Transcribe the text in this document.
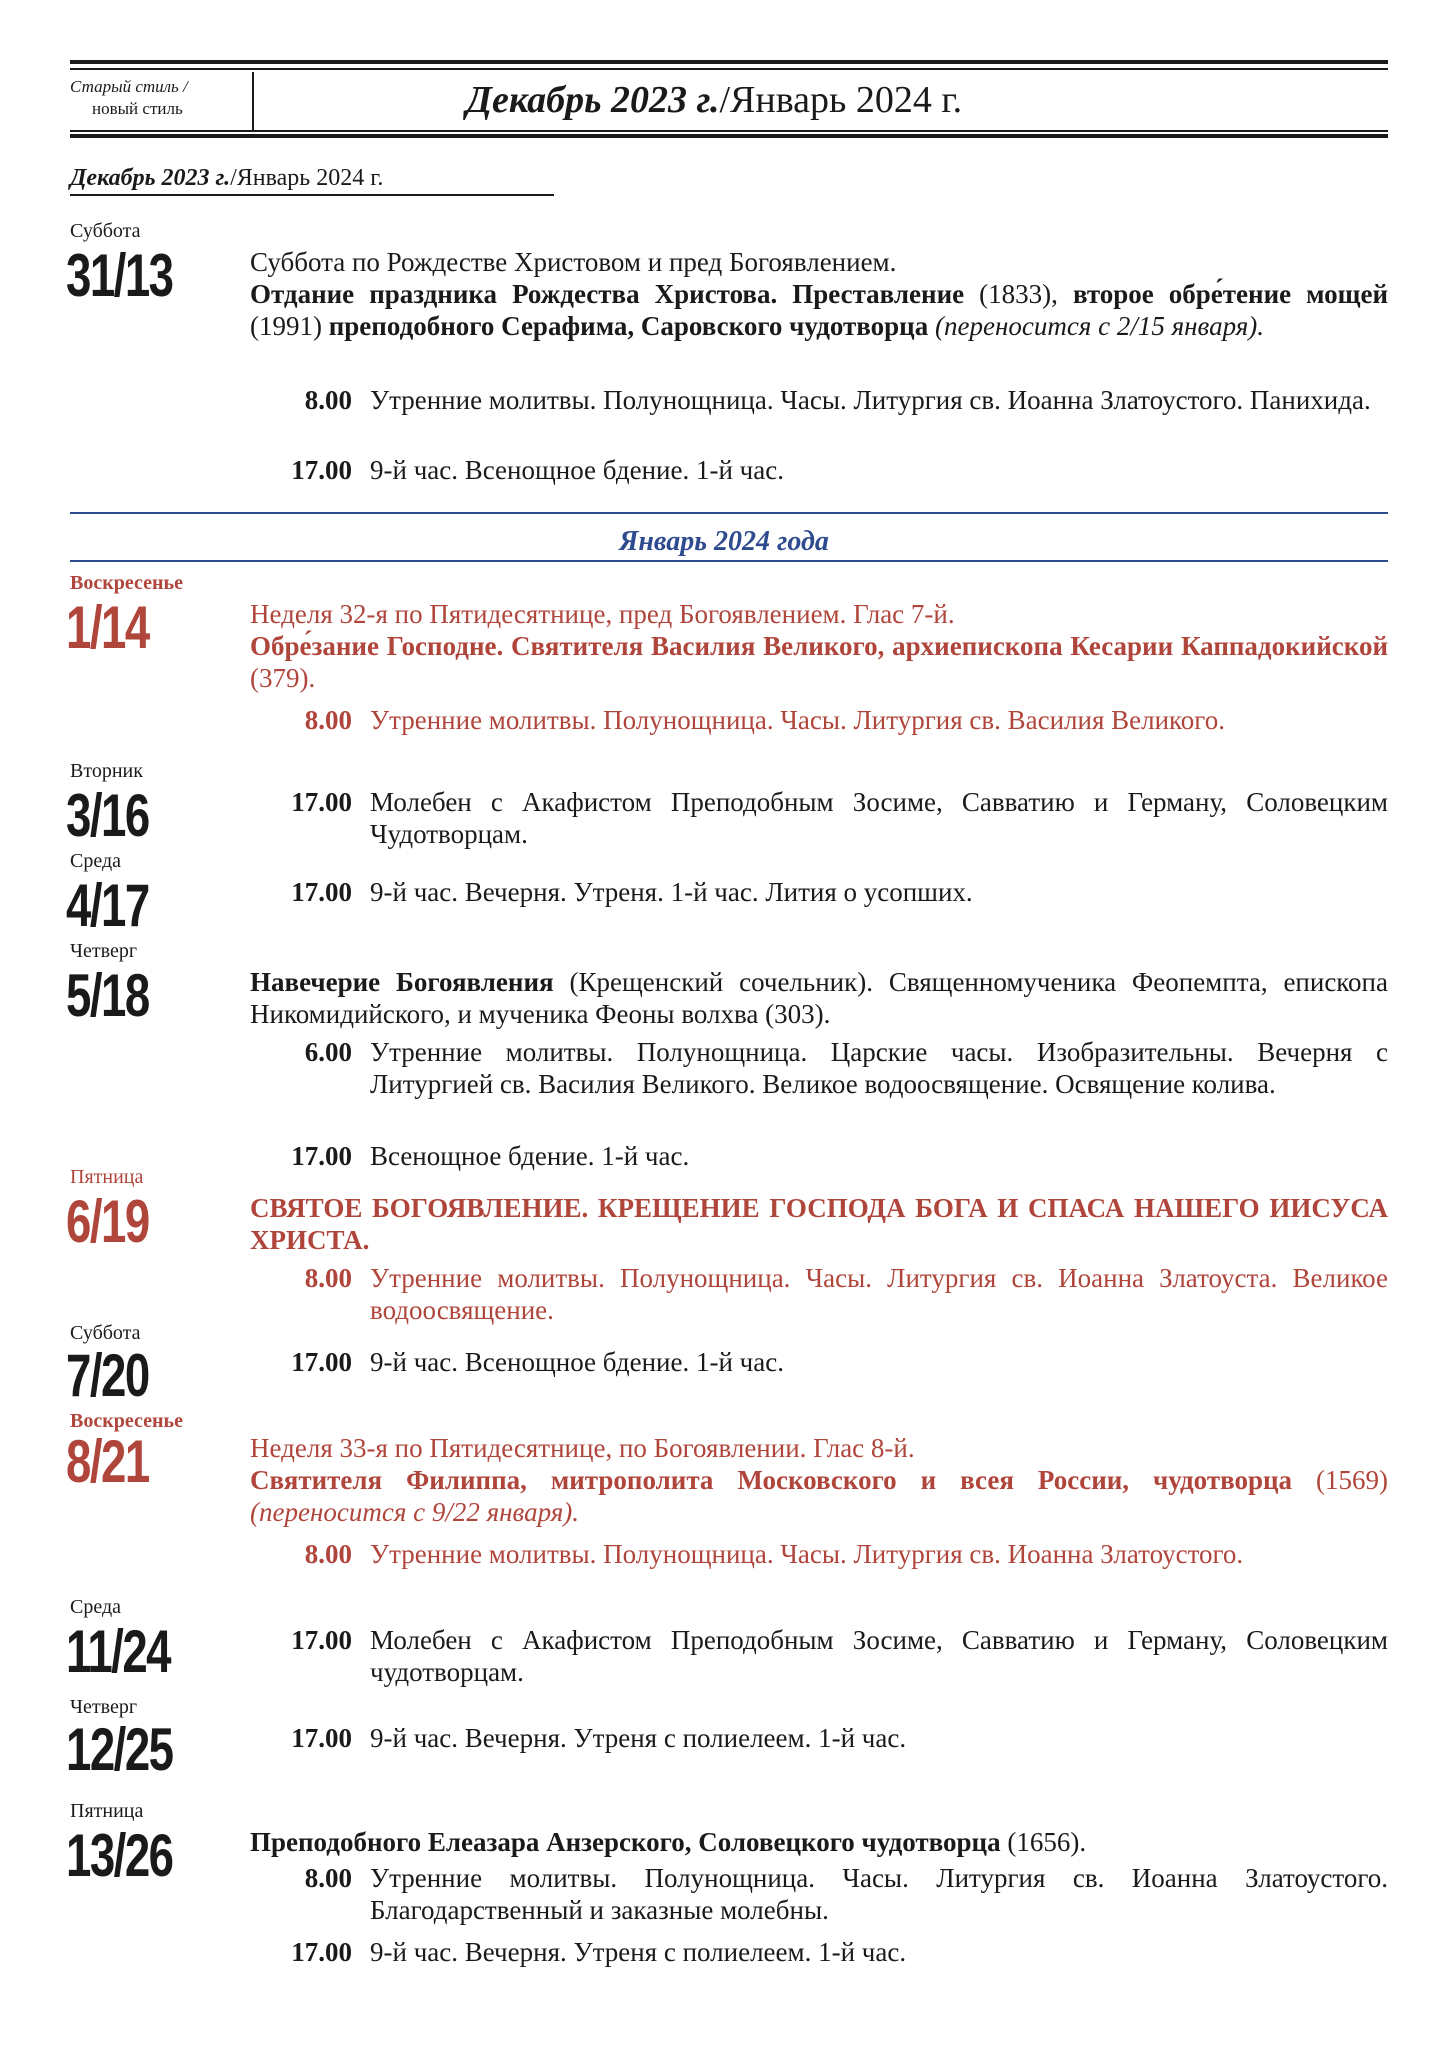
Старый стиль /
новый стиль	Декабрь 2023 г./Январь 2024 г.
Декабрь 2023 г./Январь 2024 г.
Суббота
31/13	Суббота по Рождестве Христовом и пред Богоявлением.
Отдание праздника Рождества Христова. Преставление (1833), второе обре́тение мощей (1991) преподобного Серафима, Саровского чудотворца (переносится с 2/15 января).
8.00 Утренние молитвы. Полунощница. Часы. Литургия св. Иоанна Златоустого. Панихида.
17.00 9-й час. Всенощное бдение. 1-й час.
Январь 2024 года
Воскресенье
1/14	Неделя 32-я по Пятидесятнице, пред Богоявлением. Глас 7-й.
Обре́зание Господне. Святителя Василия Великого, архиепископа Кесарии Каппадокийской (379).
8.00 Утренние молитвы. Полунощница. Часы. Литургия св. Василия Великого.
Вторник
3/16	17.00 Молебен с Акафистом Преподобным Зосиме, Савватию и Герману, Соловецким Чудотворцам.
Среда
4/17	17.00 9-й час. Вечерня. Утреня. 1-й час. Лития о усопших.
Четверг
5/18	Навечерие Богоявления (Крещенский сочельник). Священномученика Феопемпта, епископа Никомидийского, и мученика Феоны волхва (303).
6.00 Утренние молитвы. Полунощница. Царские часы. Изобразительны. Вечерня с Литургией св. Василия Великого. Великое водоосвящение. Освящение колива.
17.00 Всенощное бдение. 1-й час.
Пятница
6/19	СВЯТОЕ БОГОЯВЛЕНИЕ. КРЕЩЕНИЕ ГОСПОДА БОГА И СПАСА НАШЕГО ИИСУСА ХРИСТА.
8.00 Утренние молитвы. Полунощница. Часы. Литургия св. Иоанна Златоуста. Великое водоосвящение.
Суббота
7/20	17.00 9-й час. Всенощное бдение. 1-й час.
Воскресенье
8/21	Неделя 33-я по Пятидесятнице, по Богоявлении. Глас 8-й.
Святителя Филиппа, митрополита Московского и всея России, чудотворца (1569) (переносится с 9/22 января).
8.00 Утренние молитвы. Полунощница. Часы. Литургия св. Иоанна Златоустого.
Среда
11/24	17.00 Молебен с Акафистом Преподобным Зосиме, Савватию и Герману, Соловецким чудотворцам.
Четверг
12/25	17.00 9-й час. Вечерня. Утреня с полиелеем. 1-й час.
Пятница
13/26	Преподобного Елеазара Анзерского, Соловецкого чудотворца (1656).
8.00 Утренние молитвы. Полунощница. Часы. Литургия св. Иоанна Златоустого. Благодарственный и заказные молебны.
17.00 9-й час. Вечерня. Утреня с полиелеем. 1-й час.
